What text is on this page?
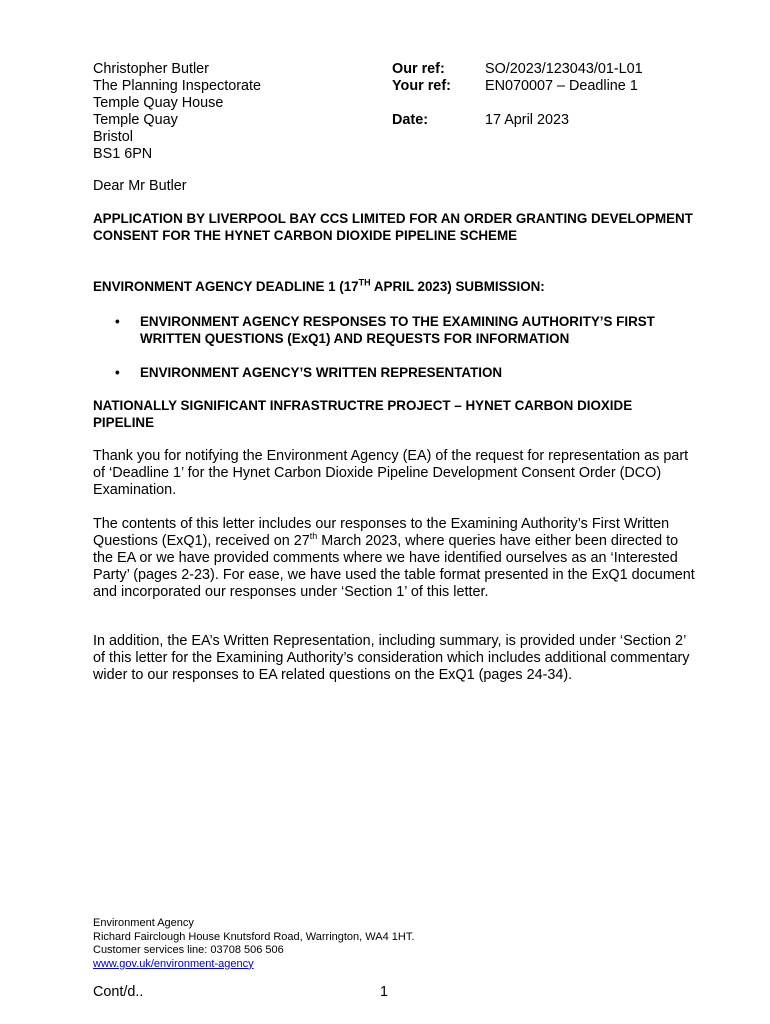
Christopher Butler
The Planning Inspectorate
Temple Quay House
Temple Quay
Bristol
BS1 6PN
Our ref:	SO/2023/123043/01-L01
Your ref:	EN070007 – Deadline 1
Date:	17 April 2023
Dear Mr Butler
APPLICATION BY LIVERPOOL BAY CCS LIMITED FOR AN ORDER GRANTING DEVELOPMENT CONSENT FOR THE HYNET CARBON DIOXIDE PIPELINE SCHEME
ENVIRONMENT AGENCY DEADLINE 1 (17TH APRIL 2023) SUBMISSION:
•	ENVIRONMENT AGENCY RESPONSES TO THE EXAMINING AUTHORITY’S FIRST WRITTEN QUESTIONS (ExQ1) AND REQUESTS FOR INFORMATION
•	ENVIRONMENT AGENCY’S WRITTEN REPRESENTATION
NATIONALLY SIGNIFICANT INFRASTRUCTRE PROJECT – HYNET CARBON DIOXIDE PIPELINE
Thank you for notifying the Environment Agency (EA) of the request for representation as part of ‘Deadline 1’ for the Hynet Carbon Dioxide Pipeline Development Consent Order (DCO) Examination.
The contents of this letter includes our responses to the Examining Authority’s First Written Questions (ExQ1), received on 27th March 2023, where queries have either been directed to the EA or we have provided comments where we have identified ourselves as an ‘Interested Party’ (pages 2-23). For ease, we have used the table format presented in the ExQ1 document and incorporated our responses under ‘Section 1’ of this letter.
In addition, the EA’s Written Representation, including summary, is provided under ‘Section 2’ of this letter for the Examining Authority’s consideration which includes additional commentary wider to our responses to EA related questions on the ExQ1 (pages 24-34).
Environment Agency
Richard Fairclough House Knutsford Road, Warrington, WA4 1HT.
Customer services line: 03708 506 506
www.gov.uk/environment-agency
Cont/d..	1
